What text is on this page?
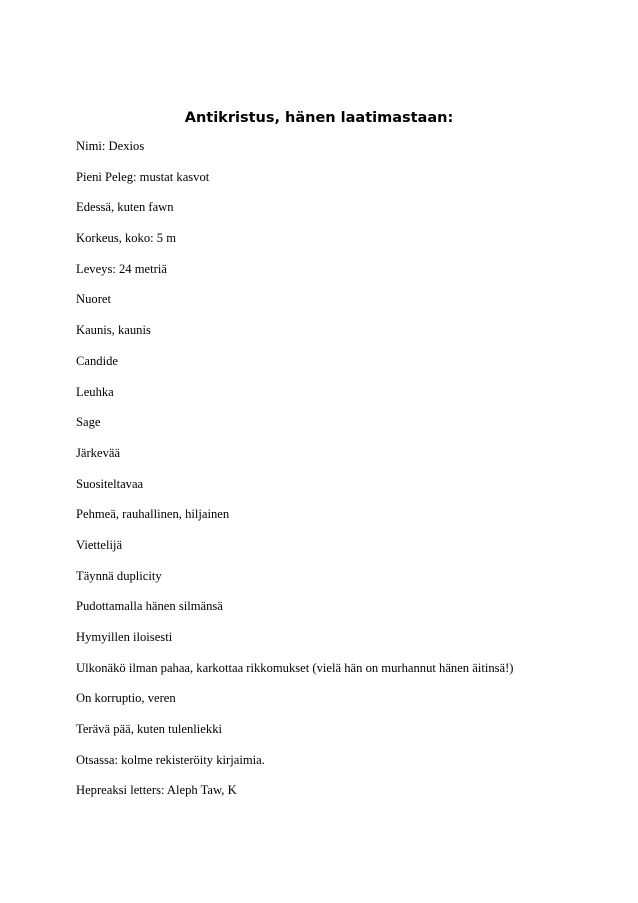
Antikristus, hänen laatimastaan:
Nimi: Dexios
Pieni Peleg: mustat kasvot
Edessä, kuten fawn
Korkeus, koko: 5 m
Leveys: 24 metriä
Nuoret
Kaunis, kaunis
Candide
Leuhka
Sage
Järkevää
Suositeltavaa
Pehmeä, rauhallinen, hiljainen
Viettelijä
Täynnä duplicity
Pudottamalla hänen silmänsä
Hymyillen iloisesti
Ulkonäkö ilman pahaa, karkottaa rikkomukset (vielä hän on murhannut hänen äitinsä!)
On korruptio, veren
Terävä pää, kuten tulenliekki
Otsassa: kolme rekisteröity kirjaimia.
Hepreaksi letters: Aleph Taw, K
